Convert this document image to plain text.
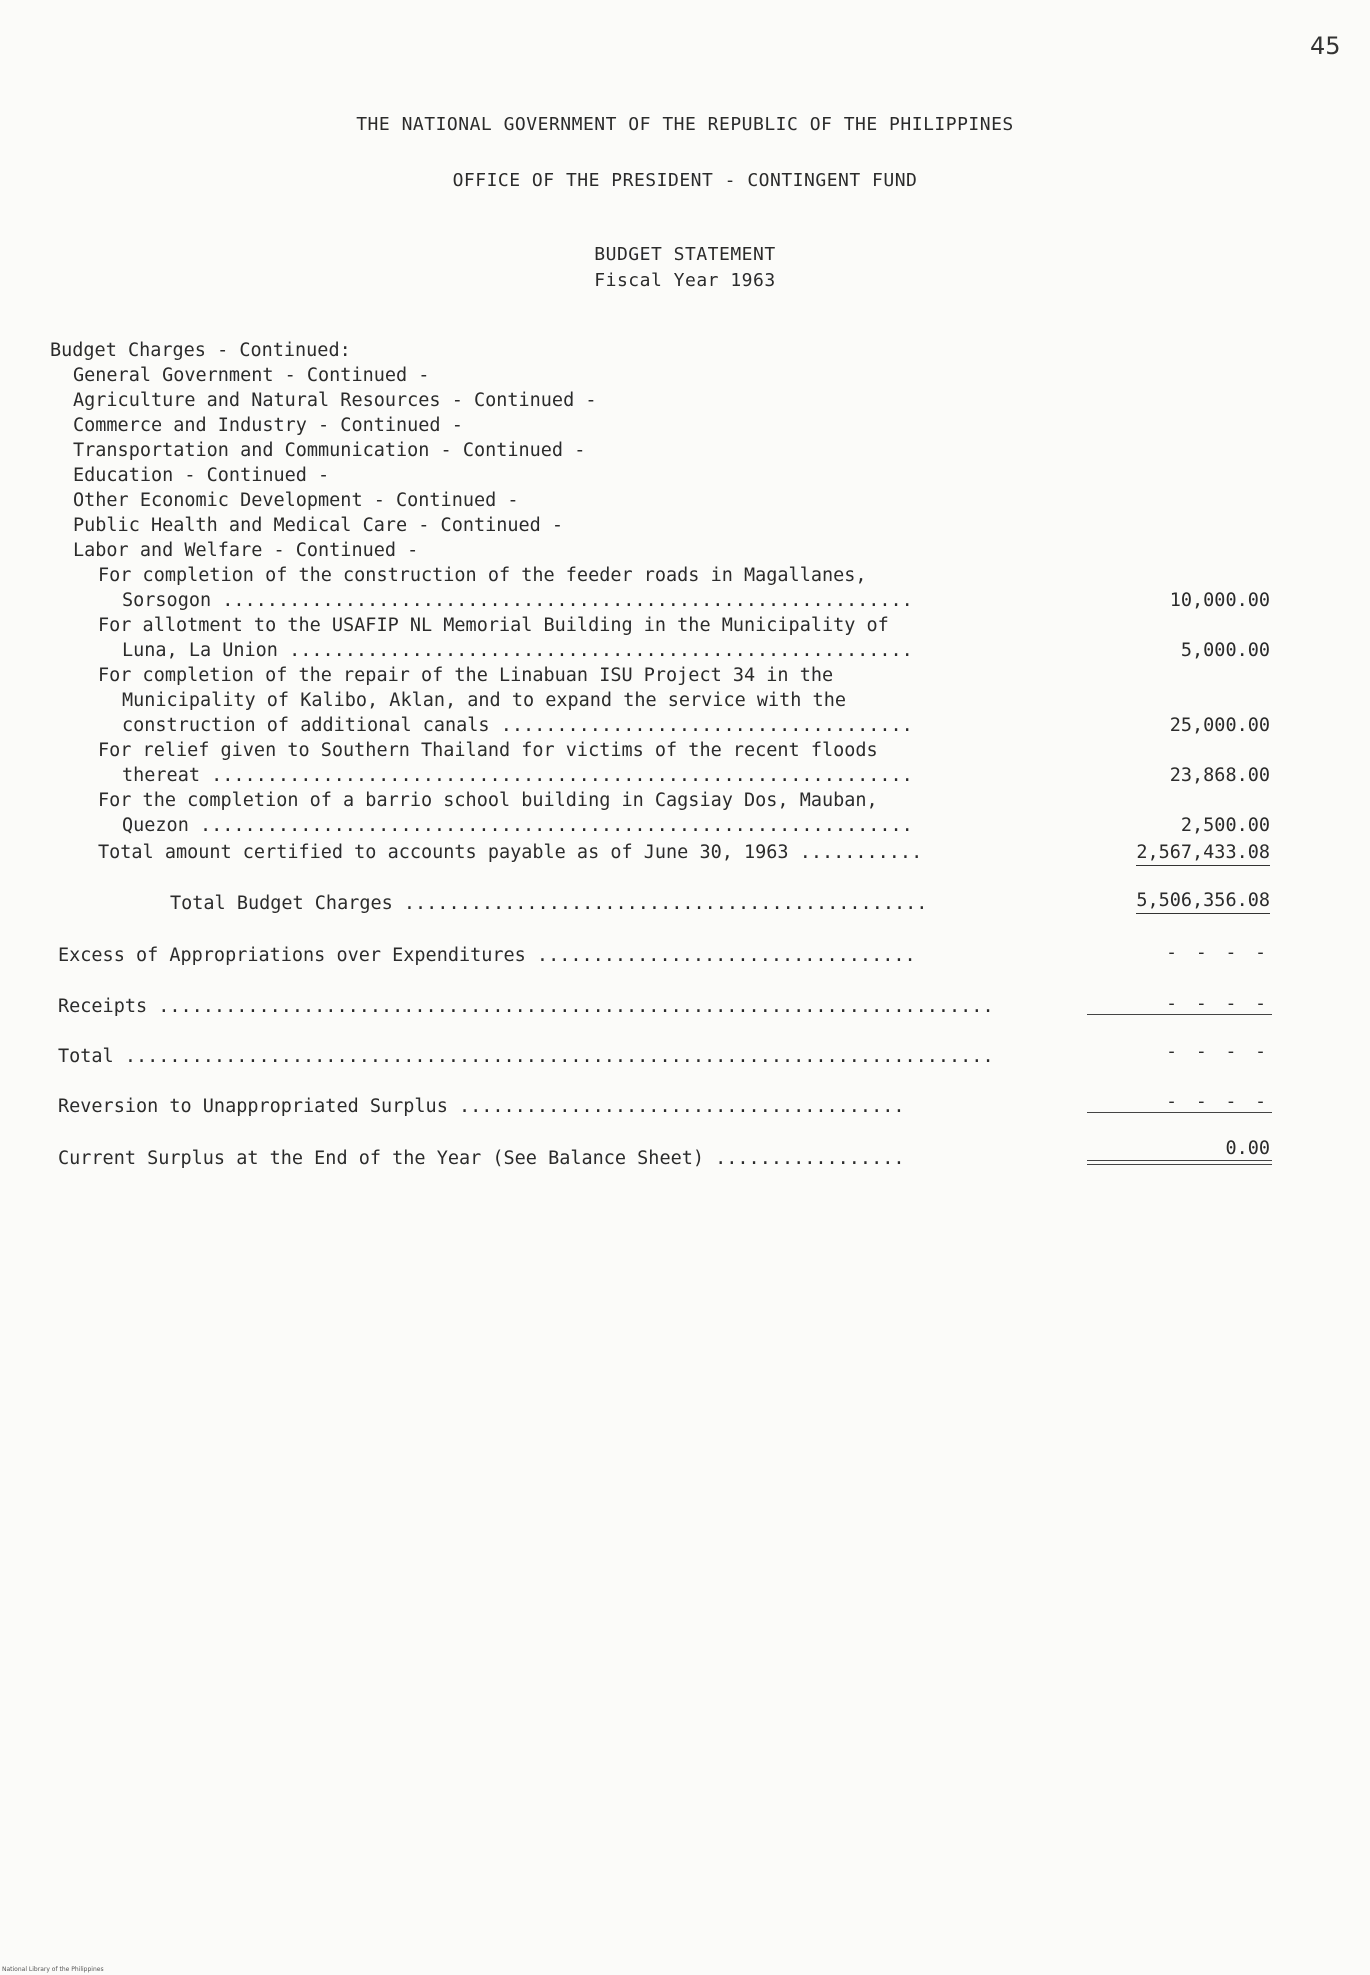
45
THE NATIONAL GOVERNMENT OF THE REPUBLIC OF THE PHILIPPINES
OFFICE OF THE PRESIDENT - CONTINGENT FUND
BUDGET STATEMENT
Fiscal Year 1963
Budget Charges - Continued:
General Government - Continued -
Agriculture and Natural Resources - Continued -
Commerce and Industry - Continued -
Transportation and Communication - Continued -
Education - Continued -
Other Economic Development - Continued -
Public Health and Medical Care - Continued -
Labor and Welfare - Continued -
For completion of the construction of the feeder roads in Magallanes,
Sorsogon ..............................................................	10,000.00
For allotment to the USAFIP NL Memorial Building in the Municipality of
Luna, La Union ........................................................	5,000.00
For completion of the repair of the Linabuan ISU Project 34 in the
Municipality of Kalibo, Aklan, and to expand the service with the
construction of additional canals .....................................	25,000.00
For relief given to Southern Thailand for victims of the recent floods
thereat ...............................................................	23,868.00
For the completion of a barrio school building in Cagsiay Dos, Mauban,
Quezon ................................................................	2,500.00
Total amount certified to accounts payable as of June 30, 1963 ...........	2,567,433.08
Total Budget Charges ...............................................	5,506,356.08
Excess of Appropriations over Expenditures ..................................	- - - -
Receipts ...........................................................................	- - - -
Total ..............................................................................	- - - -
Reversion to Unappropriated Surplus ........................................	- - - -
Current Surplus at the End of the Year (See Balance Sheet) .................	0.00
National Library of the Philippines
